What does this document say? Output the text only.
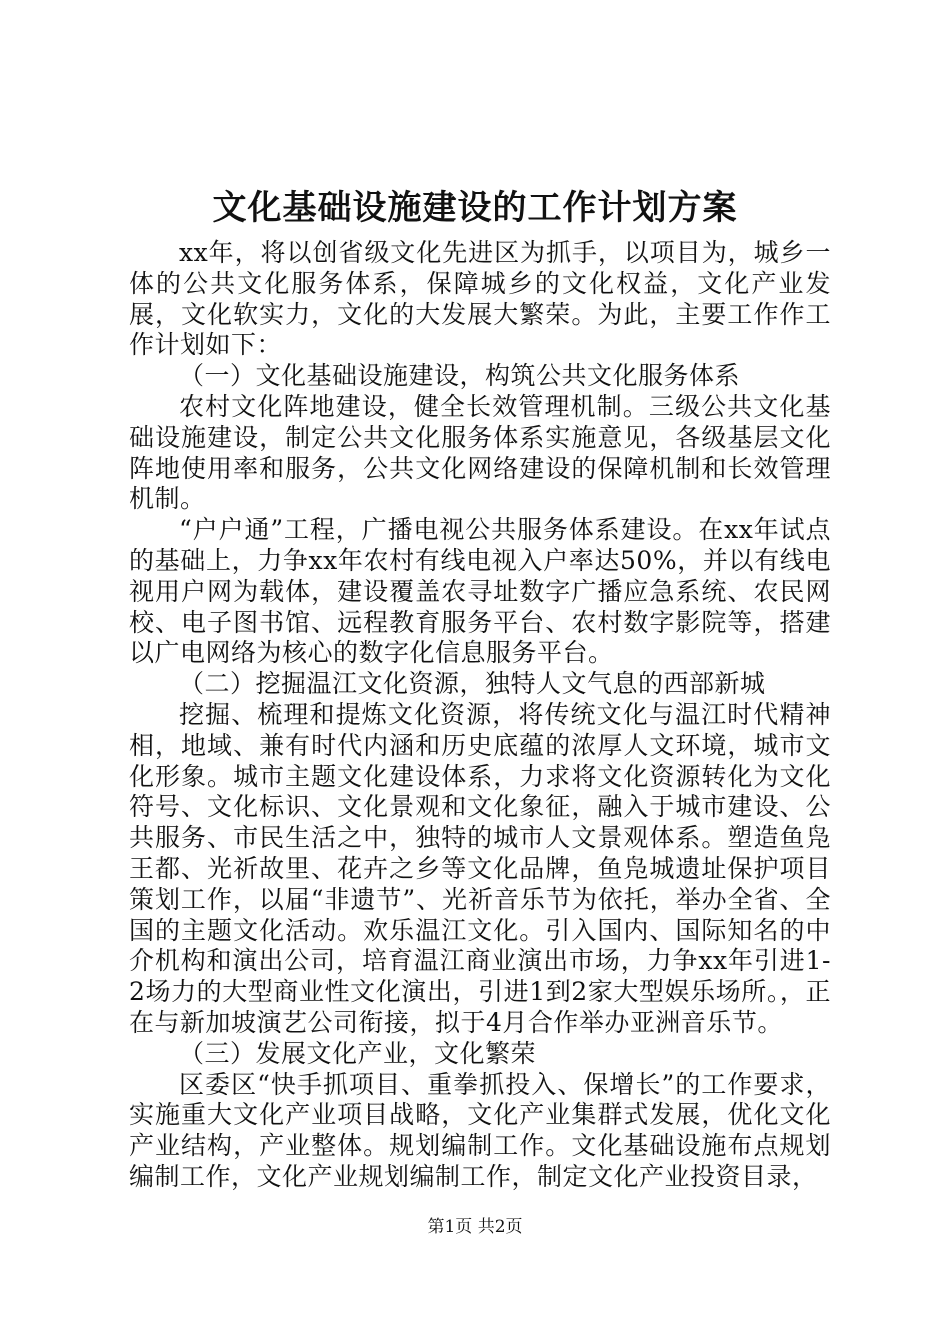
文化基础设施建设的工作计划方案

xx年，将以创省级文化先进区为抓手，以项目为，城乡一体的公共文化服务体系，保障城乡的文化权益，文化产业发展，文化软实力，文化的大发展大繁荣。为此，主要工作作工作计划如下：

（一）文化基础设施建设，构筑公共文化服务体系

农村文化阵地建设，健全长效管理机制。三级公共文化基础设施建设，制定公共文化服务体系实施意见，各级基层文化阵地使用率和服务，公共文化网络建设的保障机制和长效管理机制。

“户户通”工程，广播电视公共服务体系建设。在xx年试点的基础上，力争xx年农村有线电视入户率达50%，并以有线电视用户网为载体，建设覆盖农寻址数字广播应急系统、农民网校、电子图书馆、远程教育服务平台、农村数字影院等，搭建以广电网络为核心的数字化信息服务平台。

（二）挖掘温江文化资源，独特人文气息的西部新城

挖掘、梳理和提炼文化资源，将传统文化与温江时代精神相，地域、兼有时代内涵和历史底蕴的浓厚人文环境，城市文化形象。城市主题文化建设体系，力求将文化资源转化为文化符号、文化标识、文化景观和文化象征，融入于城市建设、公共服务、市民生活之中，独特的城市人文景观体系。塑造鱼凫王都、光祈故里、花卉之乡等文化品牌，鱼凫城遗址保护项目策划工作，以届“非遗节”、光祈音乐节为依托，举办全省、全国的主题文化活动。欢乐温江文化。引入国内、国际知名的中介机构和演出公司，培育温江商业演出市场，力争xx年引进1-2场力的大型商业性文化演出，引进1到2家大型娱乐场所。，正在与新加坡演艺公司衔接，拟于4月合作举办亚洲音乐节。

（三）发展文化产业，文化繁荣

区委区“快手抓项目、重拳抓投入、保增长”的工作要求，实施重大文化产业项目战略，文化产业集群式发展，优化文化产业结构，产业整体。规划编制工作。文化基础设施布点规划编制工作，文化产业规划编制工作，制定文化产业投资目录，

第1页 共2页
